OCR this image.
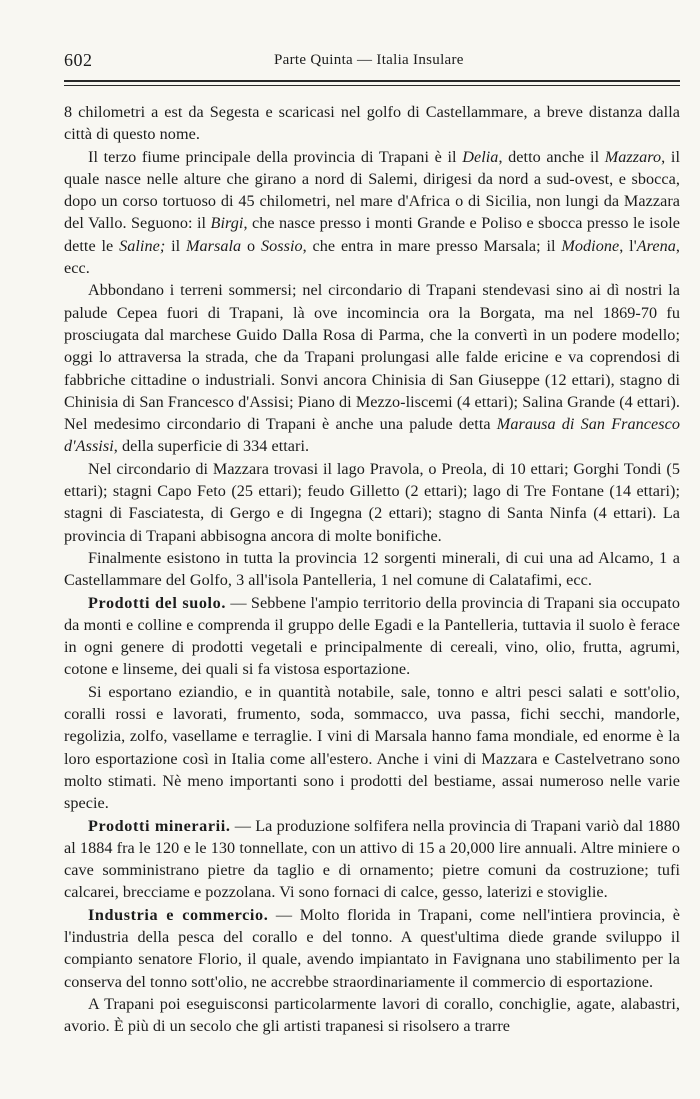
602	Parte Quinta — Italia Insulare

8 chilometri a est da Segesta e scaricasi nel golfo di Castellammare, a breve distanza dalla città di questo nome.

Il terzo fiume principale della provincia di Trapani è il Delia, detto anche il Mazzaro, il quale nasce nelle alture che girano a nord di Salemi, dirigesi da nord a sud-ovest, e sbocca, dopo un corso tortuoso di 45 chilometri, nel mare d'Africa o di Sicilia, non lungi da Mazzara del Vallo. Seguono: il Birgi, che nasce presso i monti Grande e Poliso e sbocca presso le isole dette le Saline; il Marsala o Sossio, che entra in mare presso Marsala; il Modione, l'Arena, ecc.

Abbondano i terreni sommersi; nel circondario di Trapani stendevasi sino ai dì nostri la palude Cepea fuori di Trapani, là ove incomincia ora la Borgata, ma nel 1869-70 fu prosciugata dal marchese Guido Dalla Rosa di Parma, che la convertì in un podere modello; oggi lo attraversa la strada, che da Trapani prolungasi alle falde ericine e va coprendosi di fabbriche cittadine o industriali. Sonvi ancora Chinisia di San Giuseppe (12 ettari), stagno di Chinisia di San Francesco d'Assisi; Piano di Mezzo-liscemi (4 ettari); Salina Grande (4 ettari). Nel medesimo circondario di Trapani è anche una palude detta Marausa di San Francesco d'Assisi, della superficie di 334 ettari.

Nel circondario di Mazzara trovasi il lago Pravola, o Preola, di 10 ettari; Gorghi Tondi (5 ettari); stagni Capo Feto (25 ettari); feudo Gilletto (2 ettari); lago di Tre Fontane (14 ettari); stagni di Fasciatesta, di Gergo e di Ingegna (2 ettari); stagno di Santa Ninfa (4 ettari). La provincia di Trapani abbisogna ancora di molte bonifiche.

Finalmente esistono in tutta la provincia 12 sorgenti minerali, di cui una ad Alcamo, 1 a Castellammare del Golfo, 3 all'isola Pantelleria, 1 nel comune di Calatafimi, ecc.

Prodotti del suolo. — Sebbene l'ampio territorio della provincia di Trapani sia occupato da monti e colline e comprenda il gruppo delle Egadi e la Pantelleria, tuttavia il suolo è ferace in ogni genere di prodotti vegetali e principalmente di cereali, vino, olio, frutta, agrumi, cotone e linseme, dei quali si fa vistosa esportazione.

Si esportano eziandio, e in quantità notabile, sale, tonno e altri pesci salati e sott'olio, coralli rossi e lavorati, frumento, soda, sommacco, uva passa, fichi secchi, mandorle, regolizia, zolfo, vasellame e terraglie. I vini di Marsala hanno fama mondiale, ed enorme è la loro esportazione così in Italia come all'estero. Anche i vini di Mazzara e Castelvetrano sono molto stimati. Nè meno importanti sono i prodotti del bestiame, assai numeroso nelle varie specie.

Prodotti minerarii. — La produzione solfifera nella provincia di Trapani variò dal 1880 al 1884 fra le 120 e le 130 tonnellate, con un attivo di 15 a 20,000 lire annuali. Altre miniere o cave somministrano pietre da taglio e di ornamento; pietre comuni da costruzione; tufi calcarei, brecciame e pozzolana. Vi sono fornaci di calce, gesso, laterizi e stoviglie.

Industria e commercio. — Molto florida in Trapani, come nell'intiera provincia, è l'industria della pesca del corallo e del tonno. A quest'ultima diede grande sviluppo il compianto senatore Florio, il quale, avendo impiantato in Favignana uno stabilimento per la conserva del tonno sott'olio, ne accrebbe straordinariamente il commercio di esportazione.

A Trapani poi eseguisconsi particolarmente lavori di corallo, conchiglie, agate, alabastri, avorio. È più di un secolo che gli artisti trapanesi si risolsero a trarre
